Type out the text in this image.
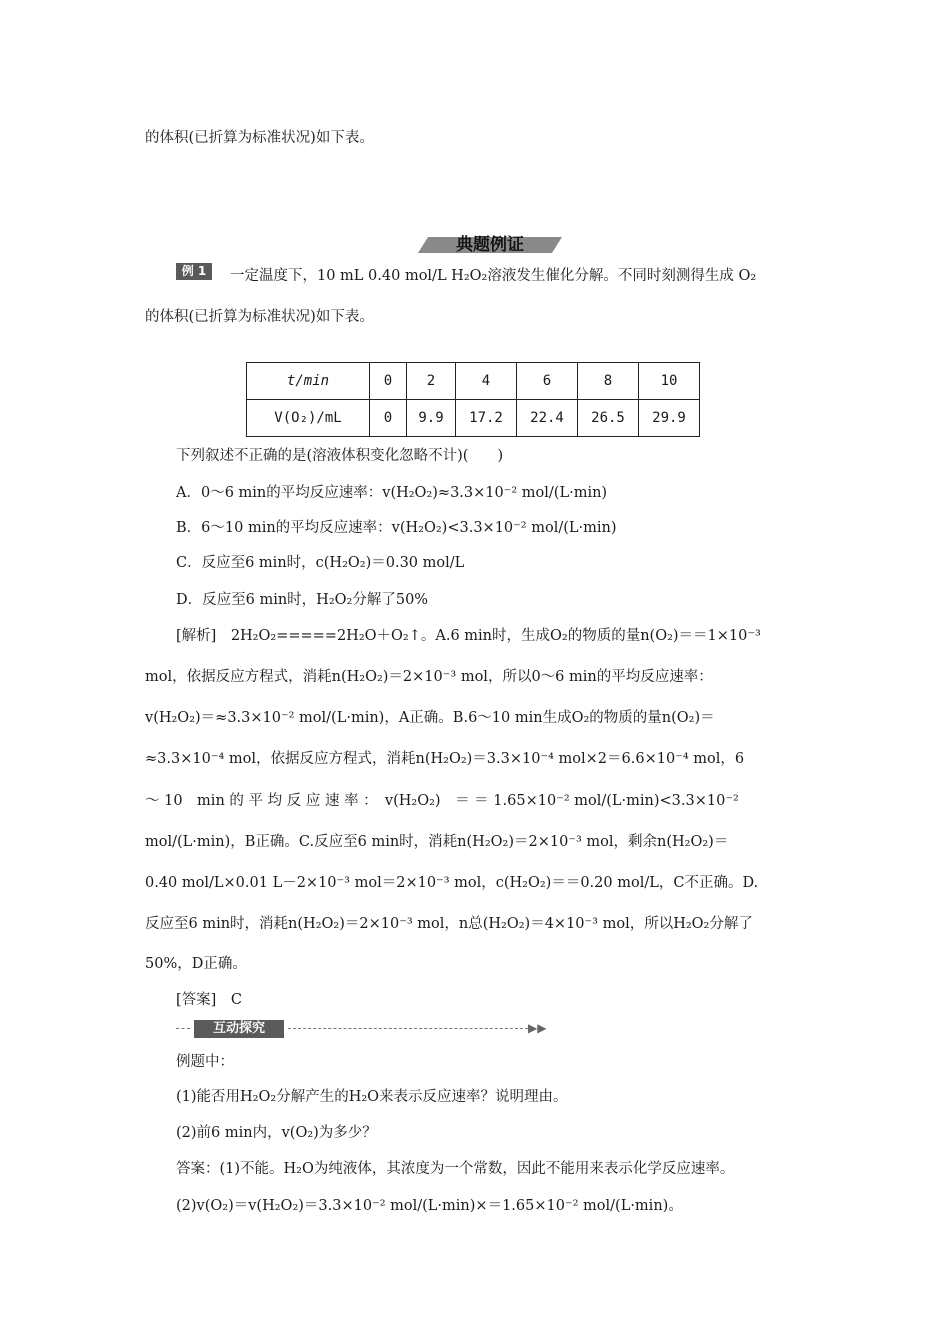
的体积(已折算为标准状况)如下表。
典题例证
例 1	一定温度下，10 mL 0.40 mol/L H₂O₂溶液发生催化分解。不同时刻测得生成 O₂
的体积(已折算为标准状况)如下表。
t/min	0	2	4	6	8	10
V(O₂)/mL	0	9.9	17.2	22.4	26.5	29.9
下列叙述不正确的是(溶液体积变化忽略不计)(　　)
A．0～6 min的平均反应速率：v(H₂O₂)≈3.3×10⁻² mol/(L·min)
B．6～10 min的平均反应速率：v(H₂O₂)<3.3×10⁻² mol/(L·min)
C．反应至6 min时，c(H₂O₂)＝0.30 mol/L
D．反应至6 min时，H₂O₂分解了50%
[解析]　2H₂O₂=====2H₂O＋O₂↑。A.6 min时，生成O₂的物质的量n(O₂)＝＝1×10⁻³
mol，依据反应方程式，消耗n(H₂O₂)＝2×10⁻³ mol，所以0～6 min的平均反应速率：
v(H₂O₂)＝≈3.3×10⁻² mol/(L·min)，A正确。B.6～10 min生成O₂的物质的量n(O₂)＝
≈3.3×10⁻⁴ mol，依据反应方程式，消耗n(H₂O₂)＝3.3×10⁻⁴ mol×2＝6.6×10⁻⁴ mol，6
～ 10　min 的 平 均 反 应 速 率 ：　v(H₂O₂)　＝ ＝ 1.65×10⁻² mol/(L·min)<3.3×10⁻²
mol/(L·min)，B正确。C.反应至6 min时，消耗n(H₂O₂)＝2×10⁻³ mol，剩余n(H₂O₂)＝
0.40 mol/L×0.01 L－2×10⁻³ mol＝2×10⁻³ mol，c(H₂O₂)＝＝0.20 mol/L，C不正确。D.
反应至6 min时，消耗n(H₂O₂)＝2×10⁻³ mol，n总(H₂O₂)＝4×10⁻³ mol，所以H₂O₂分解了
50%，D正确。
[答案]　C
互动探究	▶▶
例题中：
(1)能否用H₂O₂分解产生的H₂O来表示反应速率？说明理由。
(2)前6 min内，v(O₂)为多少？
答案：(1)不能。H₂O为纯液体，其浓度为一个常数，因此不能用来表示化学反应速率。
(2)v(O₂)＝v(H₂O₂)＝3.3×10⁻² mol/(L·min)×＝1.65×10⁻² mol/(L·min)。
